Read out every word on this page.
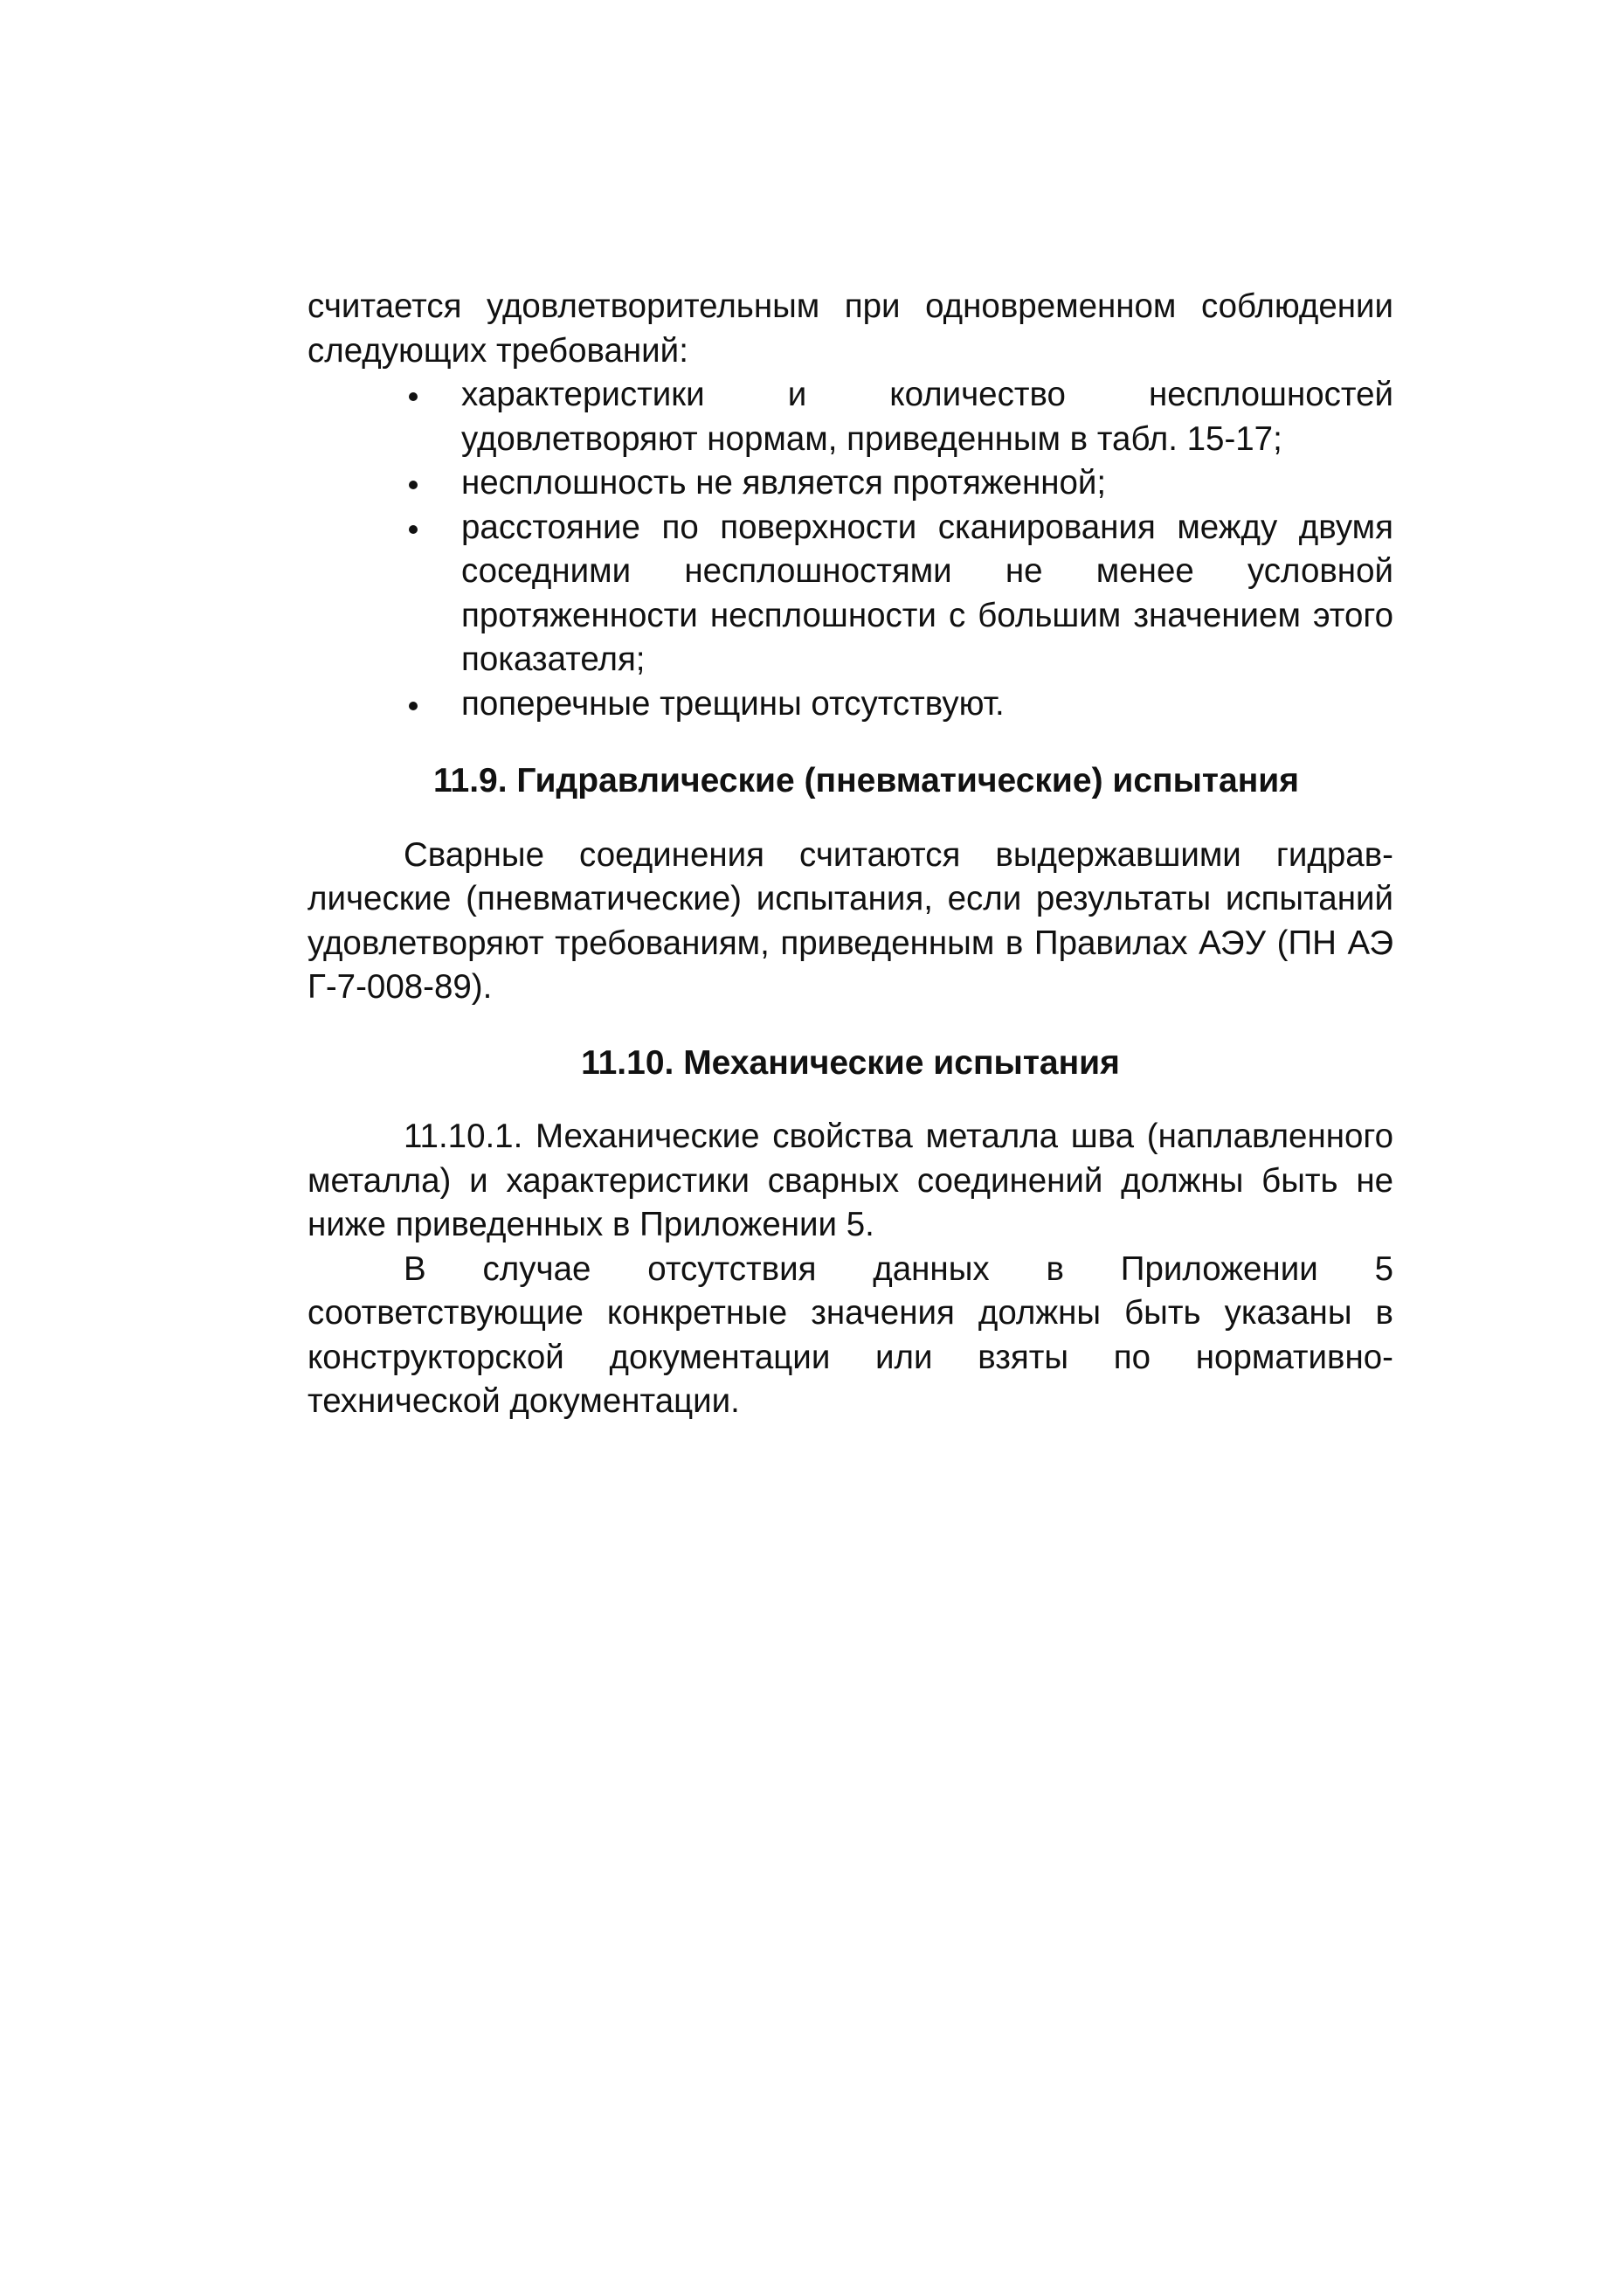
считается удовлетворительным при одновременном соблюдении следующих требований:

характеристики и количество несплошностей удовлетворяют нормам, приведенным в табл. 15-17;
несплошность не является протяженной;
расстояние по поверхности сканирования между двумя соседними несплошностями не менее условной протяженности несплошности с большим значением этого показателя;
поперечные трещины отсутствуют.
11.9. Гидравлические (пневматические) испытания

Сварные соединения считаются выдержавшими гидравлические (пневматические) испытания, если результаты испытаний удовлетворяют требованиям, приведенным в Правилах АЭУ (ПН АЭ Г-7-008-89).

11.10. Механические испытания

11.10.1. Механические свойства металла шва (наплавленного металла) и характеристики сварных соединений должны быть не ниже приведенных в Приложении 5.

В случае отсутствия данных в Приложении 5 соответствующие конкретные значения должны быть указаны в конструкторской документации или взяты по нормативно-технической документации.
